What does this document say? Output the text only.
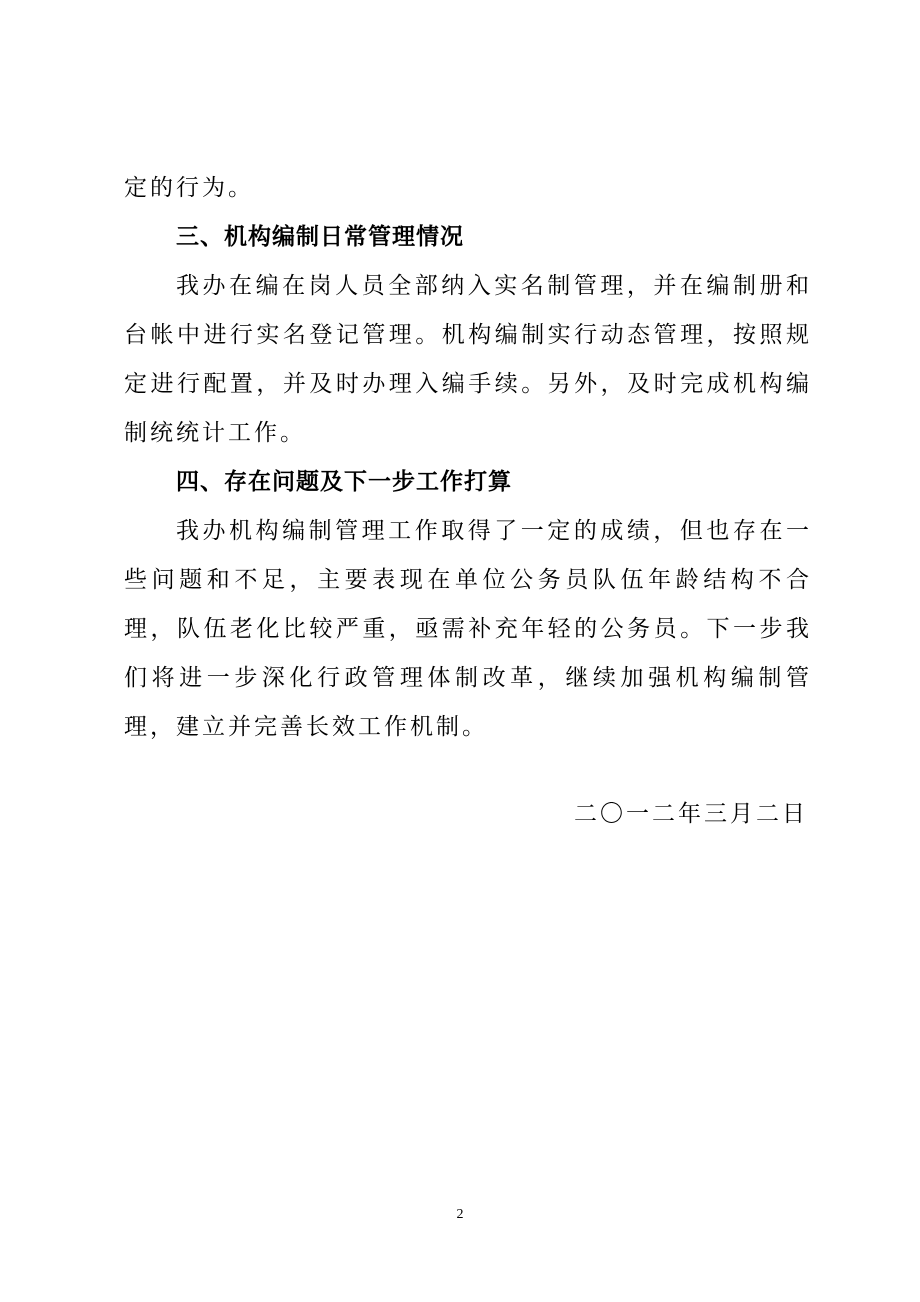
定的行为。

三、机构编制日常管理情况

我办在编在岗人员全部纳入实名制管理，并在编制册和台帐中进行实名登记管理。机构编制实行动态管理，按照规定进行配置，并及时办理入编手续。另外，及时完成机构编制统统计工作。

四、存在问题及下一步工作打算

我办机构编制管理工作取得了一定的成绩，但也存在一些问题和不足，主要表现在单位公务员队伍年龄结构不合理，队伍老化比较严重，亟需补充年轻的公务员。下一步我们将进一步深化行政管理体制改革，继续加强机构编制管理，建立并完善长效工作机制。

二〇一二年三月二日

2
